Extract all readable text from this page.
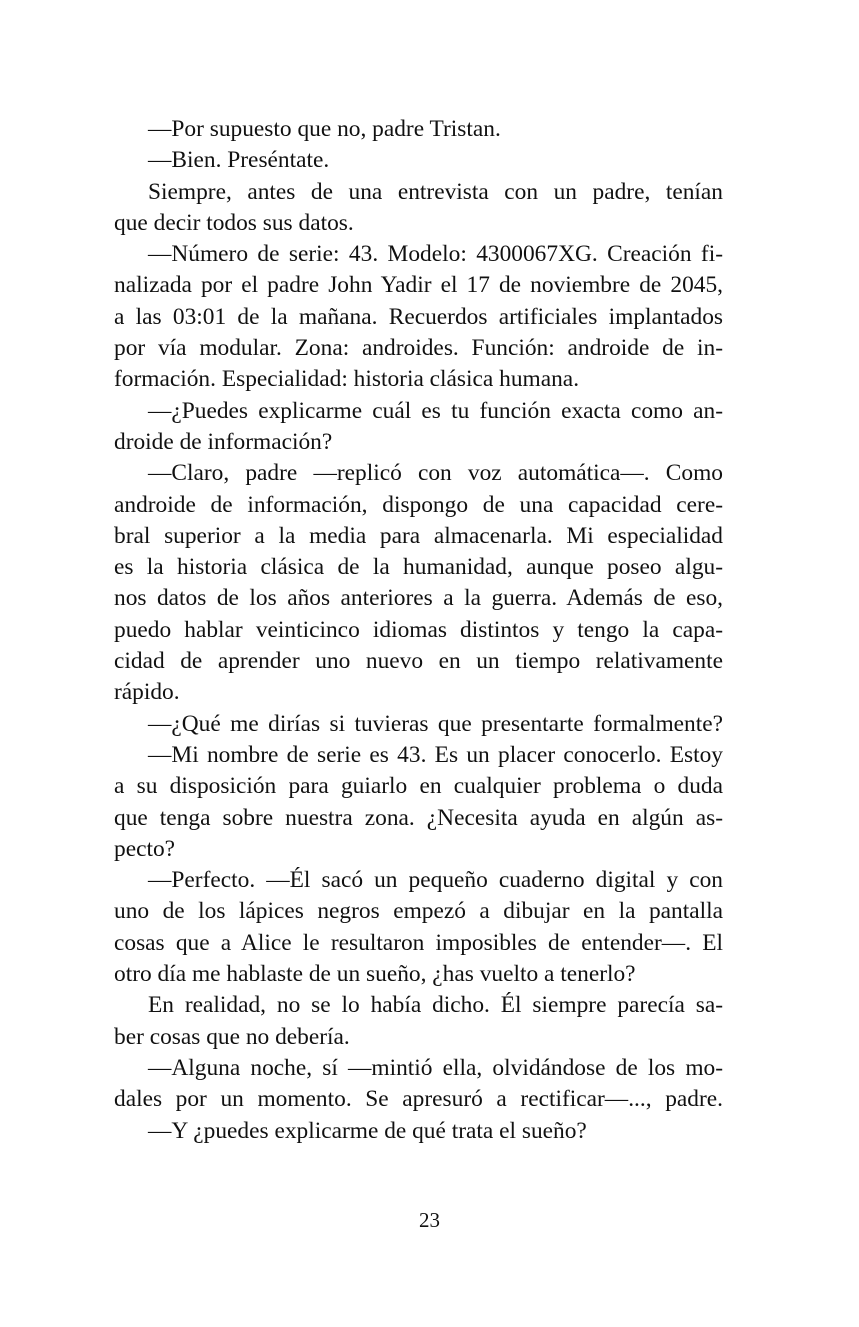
—Por supuesto que no, padre Tristan.
—Bien. Preséntate.
Siempre, antes de una entrevista con un padre, tenían
que decir todos sus datos.
—Número de serie: 43. Modelo: 4300067XG. Creación fi-
nalizada por el padre John Yadir el 17 de noviembre de 2045,
a las 03:01 de la mañana. Recuerdos artificiales implantados
por vía modular. Zona: androides. Función: androide de in-
formación. Especialidad: historia clásica humana.
—¿Puedes explicarme cuál es tu función exacta como an-
droide de información?
—Claro, padre —replicó con voz automática—. Como
androide de información, dispongo de una capacidad cere-
bral superior a la media para almacenarla. Mi especialidad
es la historia clásica de la humanidad, aunque poseo algu-
nos datos de los años anteriores a la guerra. Además de eso,
puedo hablar veinticinco idiomas distintos y tengo la capa-
cidad de aprender uno nuevo en un tiempo relativamente
rápido.
—¿Qué me dirías si tuvieras que presentarte formalmente?
—Mi nombre de serie es 43. Es un placer conocerlo. Estoy
a su disposición para guiarlo en cualquier problema o duda
que tenga sobre nuestra zona. ¿Necesita ayuda en algún as-
pecto?
—Perfecto. —Él sacó un pequeño cuaderno digital y con
uno de los lápices negros empezó a dibujar en la pantalla
cosas que a Alice le resultaron imposibles de entender—. El
otro día me hablaste de un sueño, ¿has vuelto a tenerlo?
En realidad, no se lo había dicho. Él siempre parecía sa-
ber cosas que no debería.
—Alguna noche, sí —mintió ella, olvidándose de los mo-
dales por un momento. Se apresuró a rectificar—..., padre.
—Y ¿puedes explicarme de qué trata el sueño?
23
